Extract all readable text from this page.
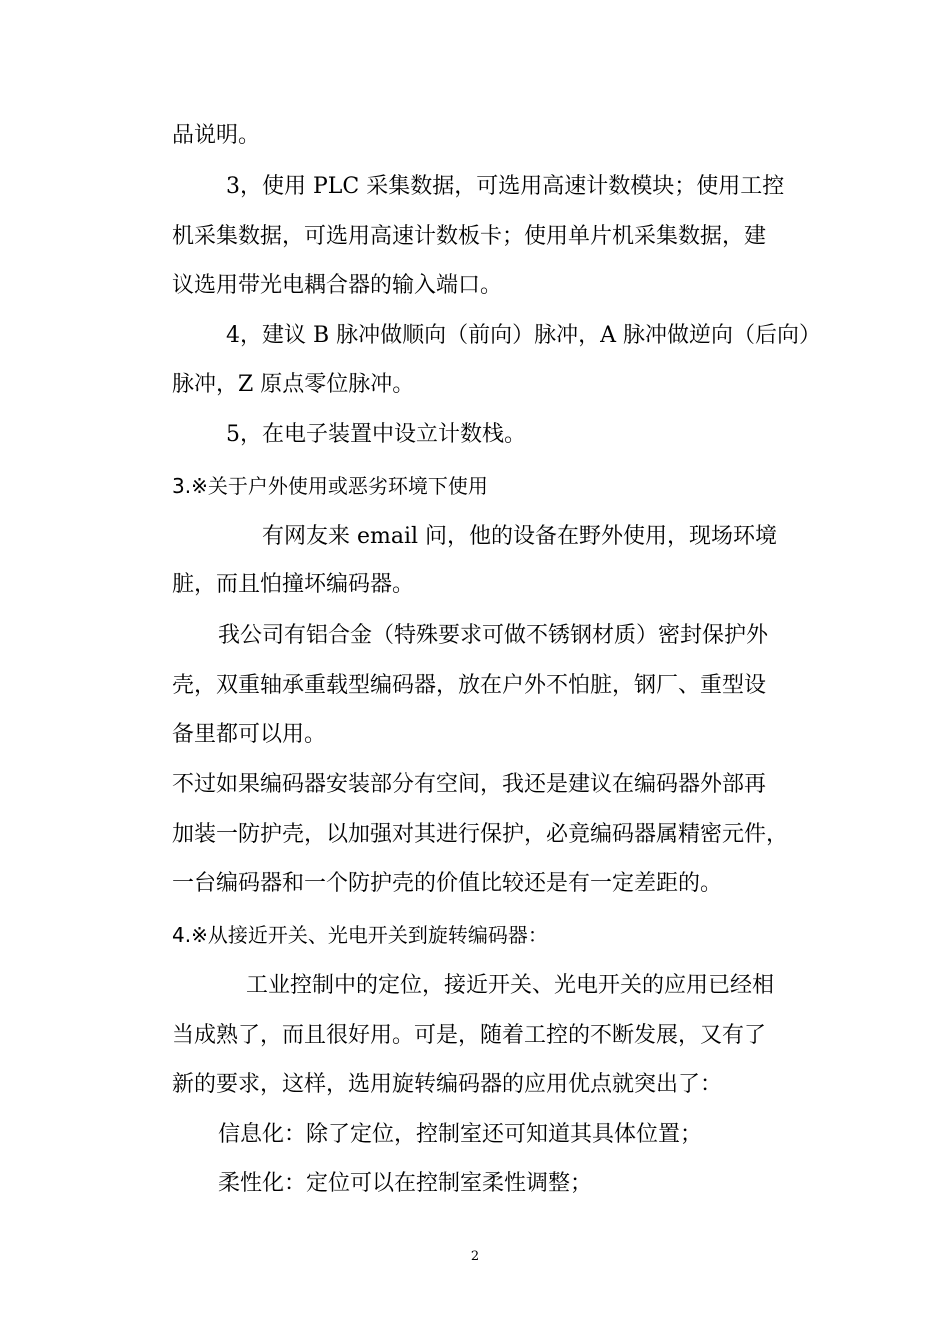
品说明。
3，使用 PLC 采集数据，可选用高速计数模块；使用工控
机采集数据，可选用高速计数板卡；使用单片机采集数据，建
议选用带光电耦合器的输入端口。
4，建议 B 脉冲做顺向（前向）脉冲，A 脉冲做逆向（后向）
脉冲，Z 原点零位脉冲。
5，在电子装置中设立计数栈。
3.※关于户外使用或恶劣环境下使用
有网友来 email 问，他的设备在野外使用，现场环境
脏，而且怕撞坏编码器。
我公司有铝合金（特殊要求可做不锈钢材质）密封保护外
壳，双重轴承重载型编码器，放在户外不怕脏，钢厂、重型设
备里都可以用。
不过如果编码器安装部分有空间，我还是建议在编码器外部再
加装一防护壳，以加强对其进行保护，必竟编码器属精密元件，
一台编码器和一个防护壳的价值比较还是有一定差距的。
4.※从接近开关、光电开关到旋转编码器：
工业控制中的定位，接近开关、光电开关的应用已经相
当成熟了，而且很好用。可是，随着工控的不断发展，又有了
新的要求，这样，选用旋转编码器的应用优点就突出了：
信息化：除了定位，控制室还可知道其具体位置；
柔性化：定位可以在控制室柔性调整；
2
